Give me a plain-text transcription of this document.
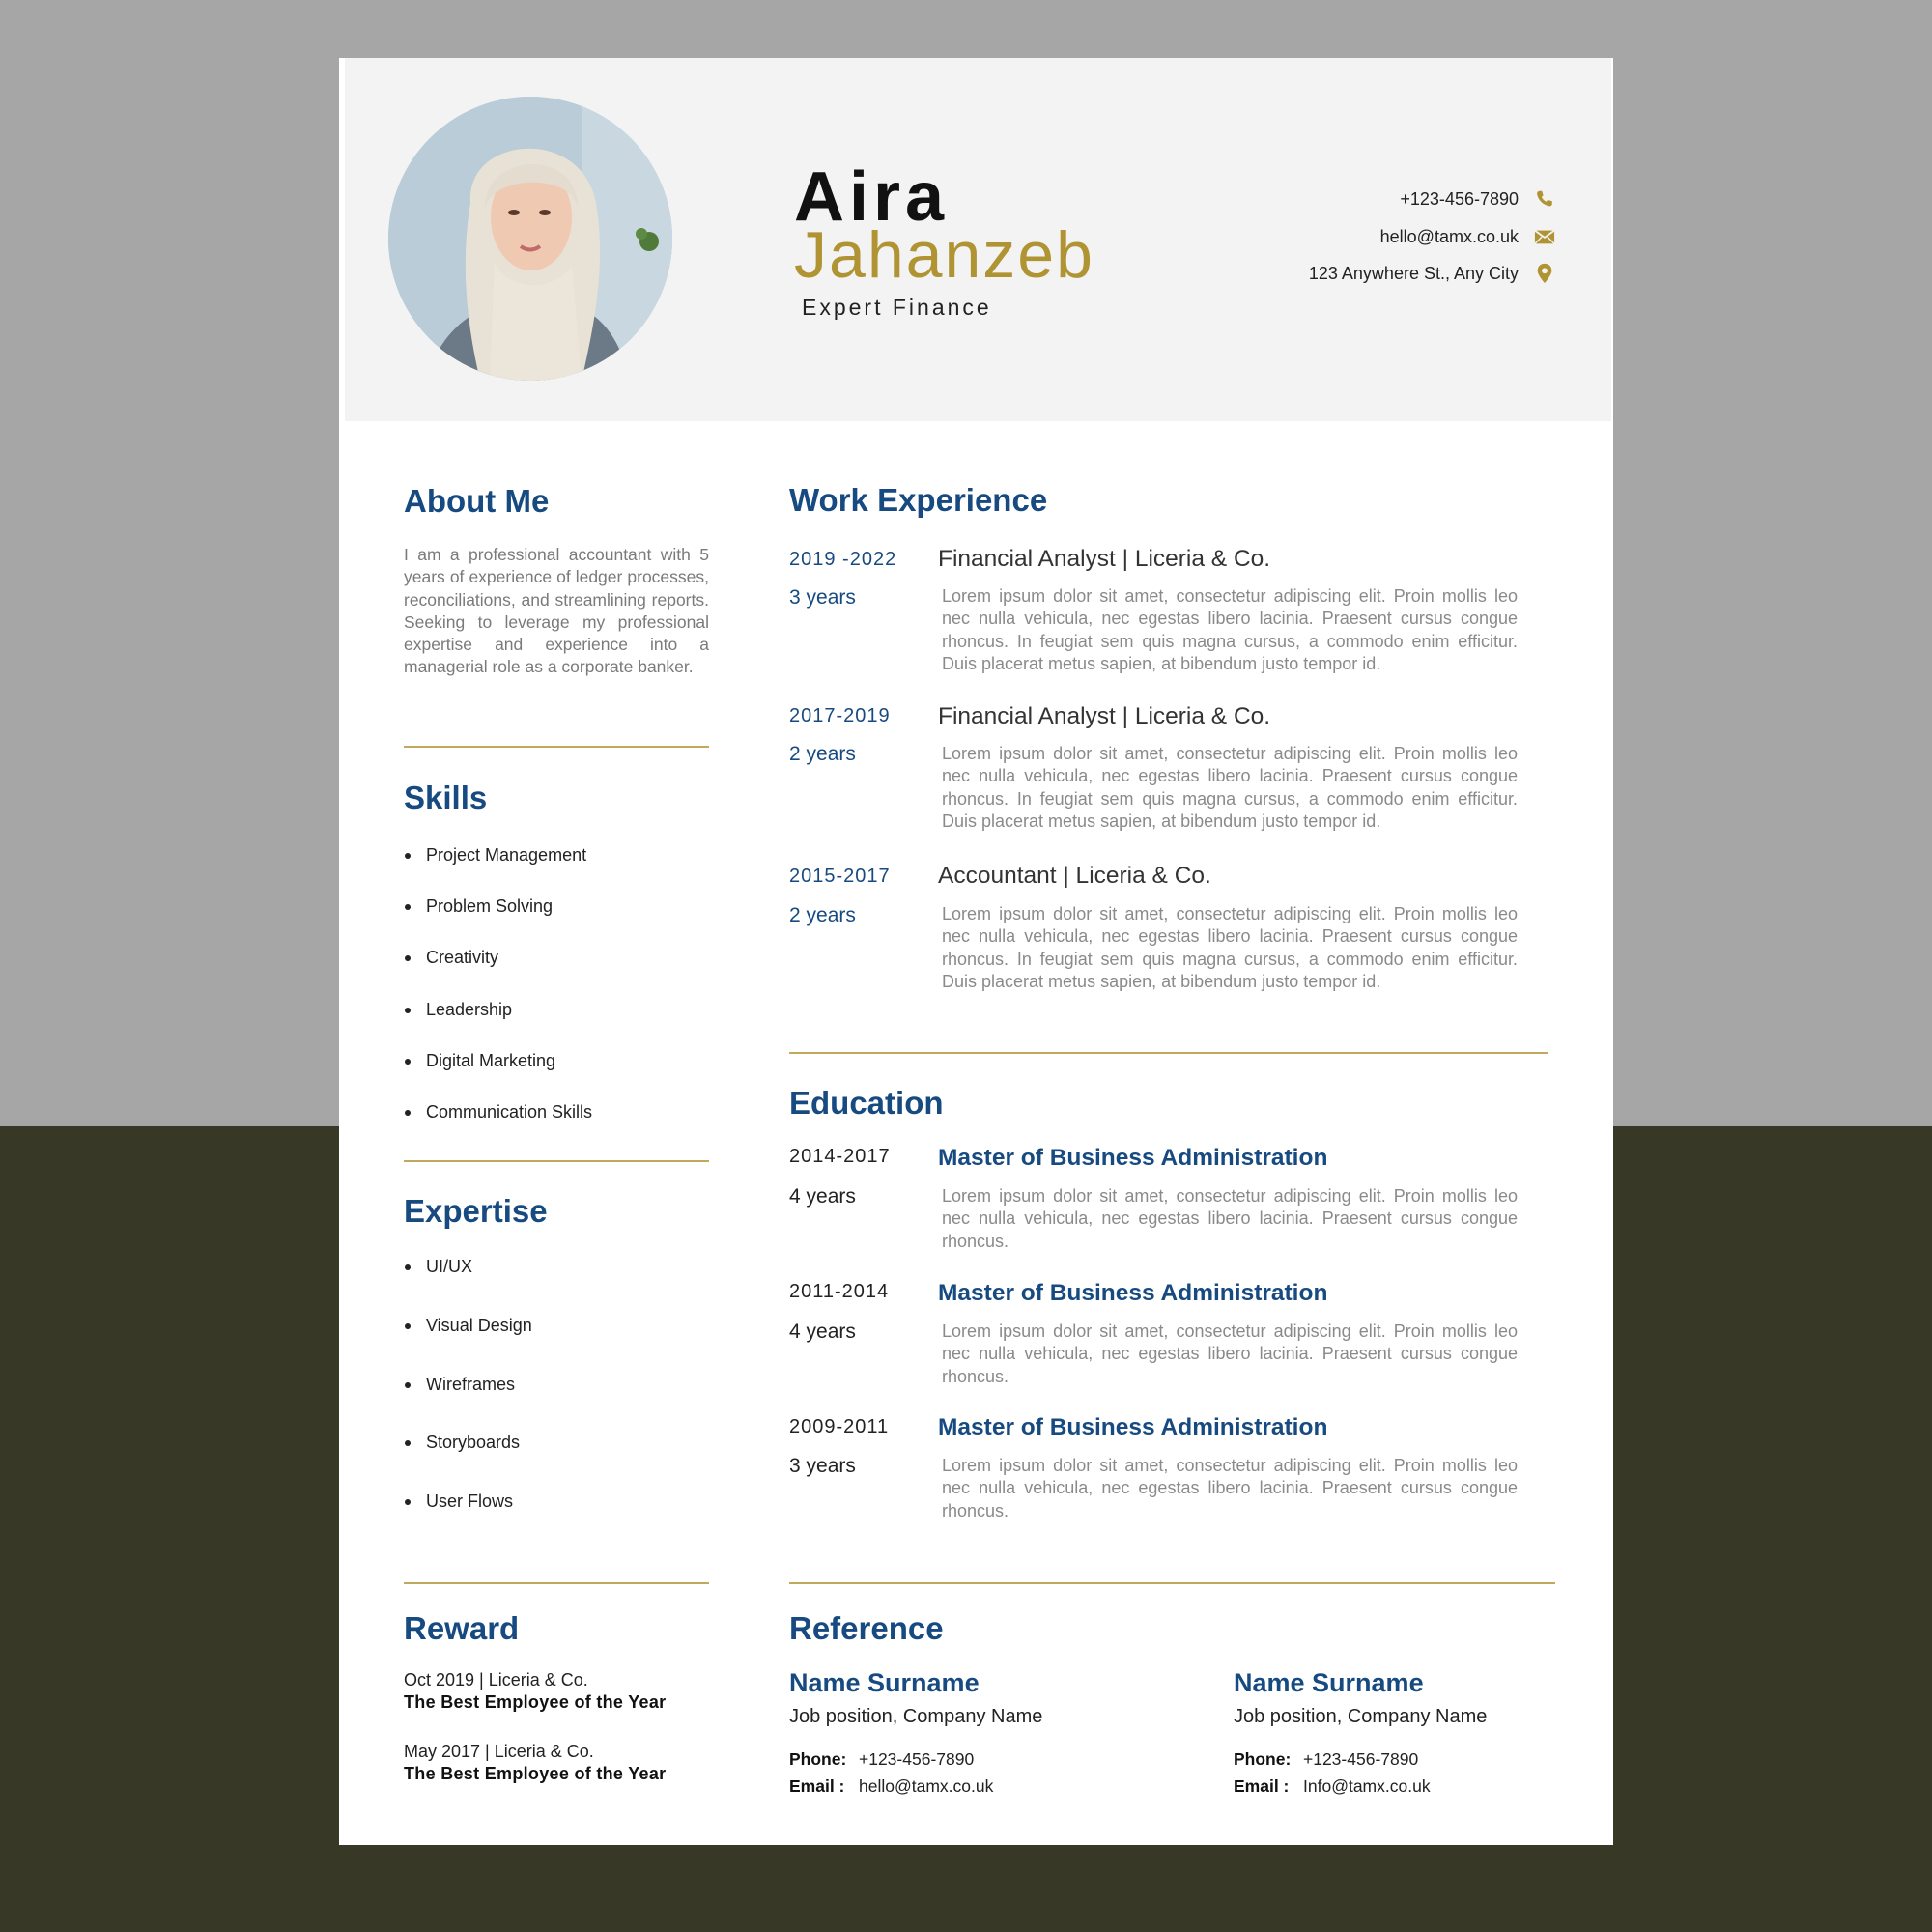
Aira
Jahanzeb
Expert Finance
+123-456-7890
hello@tamx.co.uk
123 Anywhere St., Any City
About Me
I am a professional accountant with 5 years of experience of ledger processes, reconciliations, and streamlining reports. Seeking to leverage my professional expertise and experience into a managerial role as a corporate banker.
Skills
Project Management
Problem Solving
Creativity
Leadership
Digital Marketing
Communication Skills
Expertise
UI/UX
Visual Design
Wireframes
Storyboards
User Flows
Reward
Oct 2019 | Liceria & Co.
The Best Employee of the Year
May 2017 | Liceria & Co.
The Best Employee of the Year
Work Experience
2019 -2022
3 years
Financial Analyst | Liceria & Co.
Lorem ipsum dolor sit amet, consectetur adipiscing elit. Proin mollis leo nec nulla vehicula, nec egestas libero lacinia. Praesent cursus congue rhoncus. In feugiat sem quis magna cursus, a commodo enim efficitur. Duis placerat metus sapien, at bibendum justo tempor id.
2017-2019
2 years
Financial Analyst | Liceria & Co.
Lorem ipsum dolor sit amet, consectetur adipiscing elit. Proin mollis leo nec nulla vehicula, nec egestas libero lacinia. Praesent cursus congue rhoncus. In feugiat sem quis magna cursus, a commodo enim efficitur. Duis placerat metus sapien, at bibendum justo tempor id.
2015-2017
2 years
Accountant | Liceria & Co.
Lorem ipsum dolor sit amet, consectetur adipiscing elit. Proin mollis leo nec nulla vehicula, nec egestas libero lacinia. Praesent cursus congue rhoncus. In feugiat sem quis magna cursus, a commodo enim efficitur. Duis placerat metus sapien, at bibendum justo tempor id.
Education
2014-2017
4 years
Master of Business Administration
Lorem ipsum dolor sit amet, consectetur adipiscing elit. Proin mollis leo nec nulla vehicula, nec egestas libero lacinia. Praesent cursus congue rhoncus.
2011-2014
4 years
Master of Business Administration
Lorem ipsum dolor sit amet, consectetur adipiscing elit. Proin mollis leo nec nulla vehicula, nec egestas libero lacinia. Praesent cursus congue rhoncus.
2009-2011
3 years
Master of Business Administration
Lorem ipsum dolor sit amet, consectetur adipiscing elit. Proin mollis leo nec nulla vehicula, nec egestas libero lacinia. Praesent cursus congue rhoncus.
Reference
Name Surname
Job position, Company Name
Phone: +123-456-7890
Email : hello@tamx.co.uk
Name Surname
Job position, Company Name
Phone: +123-456-7890
Email : Info@tamx.co.uk
